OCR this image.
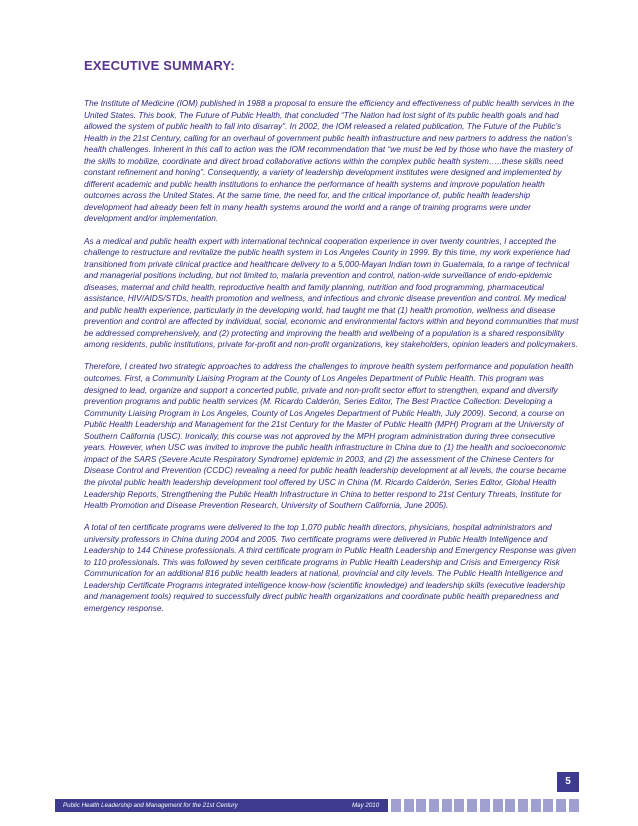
EXECUTIVE SUMMARY:

The Institute of Medicine (IOM) published in 1988 a proposal to ensure the efficiency and effectiveness of public health services in the United States. This book, The Future of Public Health, that concluded “The Nation had lost sight of its public health goals and had allowed the system of public health to fall into disarray”. In 2002, the IOM released a related publication, The Future of the Public’s Health in the 21st Century, calling for an overhaul of government public health infrastructure and new partners to address the nation’s health challenges. Inherent in this call to action was the IOM recommendation that “we must be led by those who have the mastery of the skills to mobilize, coordinate and direct broad collaborative actions within the complex public health system…..these skills need constant refinement and honing”. Consequently, a variety of leadership development institutes were designed and implemented by different academic and public health institutions to enhance the performance of health systems and improve population health outcomes across the United States. At the same time, the need for, and the critical importance of, public health leadership development had already been felt in many health systems around the world and a range of training programs were under development and/or implementation.

As a medical and public health expert with international technical cooperation experience in over twenty countries, I accepted the challenge to restructure and revitalize the public health system in Los Angeles County in 1999. By this time, my work experience had transitioned from private clinical practice and healthcare delivery to a 5,000-Mayan Indian town in Guatemala, to a range of technical and managerial positions including, but not limited to, malaria prevention and control, nation-wide surveillance of endo-epidemic diseases, maternal and child health, reproductive health and family planning, nutrition and food programming, pharmaceutical assistance, HIV/AIDS/STDs, health promotion and wellness, and infectious and chronic disease prevention and control. My medical and public health experience, particularly in the developing world, had taught me that (1) health promotion, wellness and disease prevention and control are affected by individual, social, economic and environmental factors within and beyond communities that must be addressed comprehensively, and (2) protecting and improving the health and wellbeing of a population is a shared responsibility among residents, public institutions, private for-profit and non-profit organizations, key stakeholders, opinion leaders and policymakers.

Therefore, I created two strategic approaches to address the challenges to improve health system performance and population health outcomes. First, a Community Liaising Program at the County of Los Angeles Department of Public Health. This program was designed to lead, organize and support a concerted public, private and non-profit sector effort to strengthen, expand and diversify prevention programs and public health services (M. Ricardo Calderón, Series Editor, The Best Practice Collection: Developing a Community Liaising Program in Los Angeles, County of Los Angeles Department of Public Health, July 2009). Second, a course on Public Health Leadership and Management for the 21st Century for the Master of Public Health (MPH) Program at the University of Southern California (USC). Ironically, this course was not approved by the MPH program administration during three consecutive years. However, when USC was invited to improve the public health infrastructure in China due to (1) the health and socioeconomic impact of the SARS (Severe Acute Respiratory Syndrome) epidemic in 2003, and (2) the assessment of the Chinese Centers for Disease Control and Prevention (CCDC) revealing a need for public health leadership development at all levels, the course became the pivotal public health leadership development tool offered by USC in China (M. Ricardo Calderón, Series Editor, Global Health Leadership Reports, Strengthening the Public Health Infrastructure in China to better respond to 21st Century Threats, Institute for Health Promotion and Disease Prevention Research, University of Southern California, June 2005).

A total of ten certificate programs were delivered to the top 1,070 public health directors, physicians, hospital administrators and university professors in China during 2004 and 2005. Two certificate programs were delivered in Public Health Intelligence and Leadership to 144 Chinese professionals. A third certificate program in Public Health Leadership and Emergency Response was given to 110 professionals. This was followed by seven certificate programs in Public Health Leadership and Crisis and Emergency Risk Communication for an additional 816 public health leaders at national, provincial and city levels. The Public Health Intelligence and Leadership Certificate Programs integrated intelligence know-how (scientific knowledge) and leadership skills (executive leadership and management tools) required to successfully direct public health organizations and coordinate public health preparedness and emergency response.

5
Public Health Leadership and Management for the 21st Century	May 2010
